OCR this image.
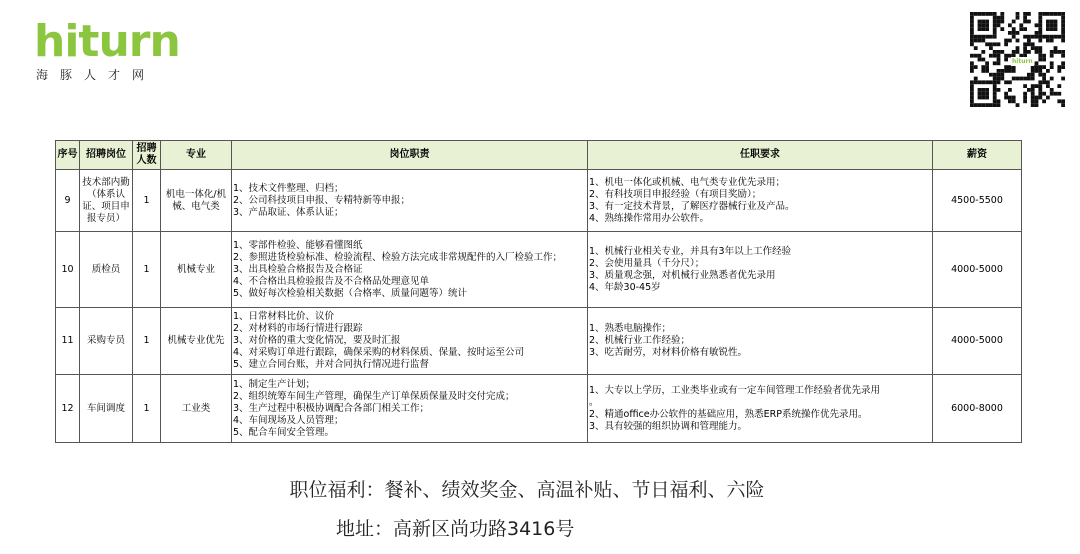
hiturn
海豚人才网
hiturn
序号	招聘岗位	招聘人数	专业	岗位职责	任职要求	薪资
9	技术部内勤（体系认证、项目申报专员）	1	机电一体化/机械、电气类	1、技术文件整理、归档；
2、公司科技项目申报、专精特新等申报；
3、产品取证、体系认证；	1、机电一体化或机械、电气类专业优先录用；
2、有科技项目申报经验（有项目奖励）；
3、有一定技术背景，了解医疗器械行业及产品。
4、熟练操作常用办公软件。	4500-5500
10	质检员	1	机械专业	1、零部件检验、能够看懂图纸
2、参照进货检验标准、检验流程、检验方法完成非常规配件的入厂检验工作；
3、出具检验合格报告及合格证
4、不合格出具检验报告及不合格品处理意见单
5、做好每次检验相关数据（合格率、质量问题等）统计	1、机械行业相关专业，并具有3年以上工作经验
2、会使用量具（千分尺）；
3、质量观念强，对机械行业熟悉者优先录用
4、年龄30-45岁	4000-5000
11	采购专员	1	机械专业优先	1、日常材料比价、议价
2、对材料的市场行情进行跟踪
3、对价格的重大变化情况，要及时汇报
4、对采购订单进行跟踪，确保采购的材料保质、保量、按时运至公司
5、建立合同台账，并对合同执行情况进行监督	1、熟悉电脑操作；
2、机械行业工作经验；
3、吃苦耐劳，对材料价格有敏锐性。	4000-5000
12	车间调度	1	工业类	1、制定生产计划；
2、组织统筹车间生产管理，确保生产订单保质保量及时交付完成；
3、生产过程中积极协调配合各部门相关工作；
4、车间现场及人员管理；
5、配合车间安全管理。	1、大专以上学历，工业类毕业或有一定车间管理工作经验者优先录用
。
2、精通office办公软件的基础应用，熟悉ERP系统操作优先录用。
3、具有较强的组织协调和管理能力。	6000-8000
职位福利：餐补、绩效奖金、高温补贴、节日福利、六险
地址：高新区尚功路3416号
